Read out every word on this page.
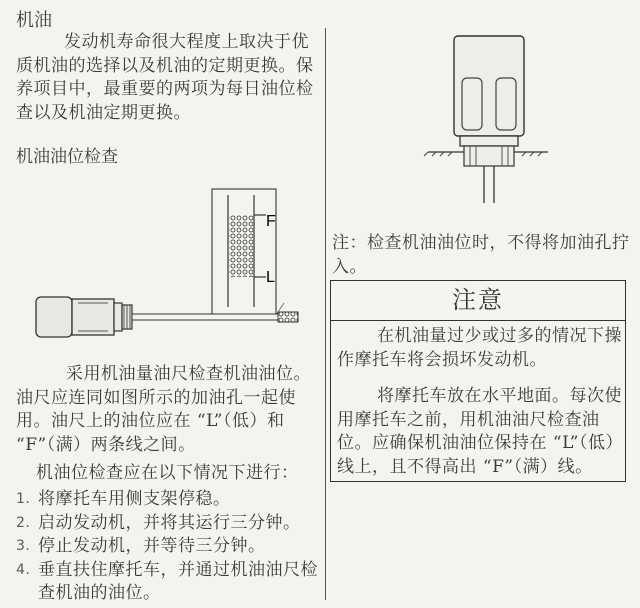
机油
发动机寿命很大程度上取决于优质机油的选择以及机油的定期更换。保养项目中，最重要的两项为每日油位检查以及机油定期更换。
机油油位检查
F
L
采用机油量油尺检查机油油位。油尺应连同如图所示的加油孔一起使用。油尺上的油位应在 “L”（低）和 “F”（满）两条线之间。
机油位检查应在以下情况下进行：
1. 将摩托车用侧支架停稳。
2. 启动发动机，并将其运行三分钟。
3. 停止发动机，并等待三分钟。
4. 垂直扶住摩托车，并通过机油油尺检查机油的油位。
注：检查机油油位时，不得将加油孔拧入。
注意
在机油量过少或过多的情况下操作摩托车将会损坏发动机。
将摩托车放在水平地面。每次使用摩托车之前，用机油油尺检查油位。应确保机油油位保持在 “L”（低）线上，且不得高出 “F”（满）线。
